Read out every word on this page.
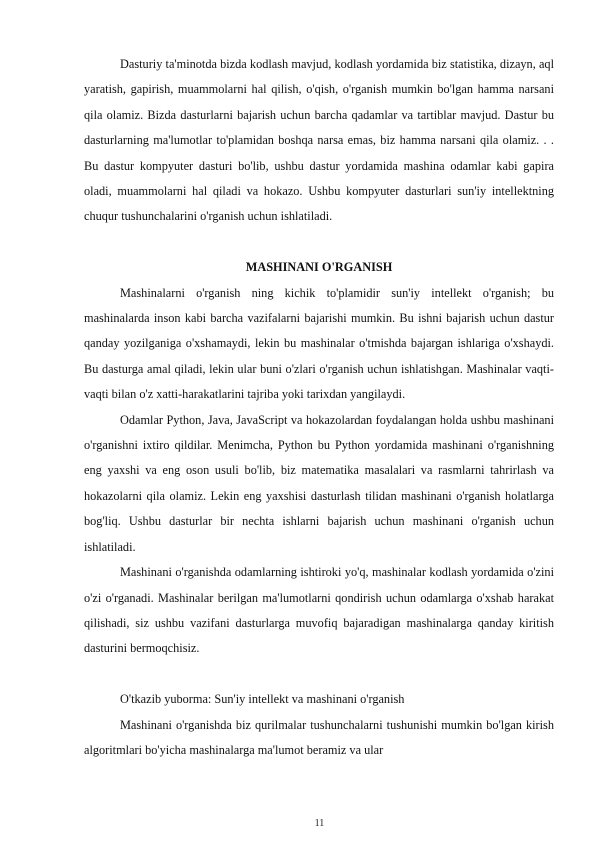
Dasturiy ta'minotda bizda kodlash mavjud, kodlash yordamida biz statistika, dizayn, aql yaratish, gapirish, muammolarni hal qilish, o'qish, o'rganish mumkin bo'lgan hamma narsani qila olamiz. Bizda dasturlarni bajarish uchun barcha qadamlar va tartiblar mavjud. Dastur bu dasturlarning ma'lumotlar to'plamidan boshqa narsa emas, biz hamma narsani qila olamiz. . . Bu dastur kompyuter dasturi bo'lib, ushbu dastur yordamida mashina odamlar kabi gapira oladi, muammolarni hal qiladi va hokazo. Ushbu kompyuter dasturlari sun'iy intellektning chuqur tushunchalarini o'rganish uchun ishlatiladi.

MASHINANI O'RGANISH

Mashinalarni o'rganish ning kichik to'plamidir sun'iy intellekt o'rganish; bu mashinalarda inson kabi barcha vazifalarni bajarishi mumkin. Bu ishni bajarish uchun dastur qanday yozilganiga o'xshamaydi, lekin bu mashinalar o'tmishda bajargan ishlariga o'xshaydi. Bu dasturga amal qiladi, lekin ular buni o'zlari o'rganish uchun ishlatishgan. Mashinalar vaqti-vaqti bilan o'z xatti-harakatlarini tajriba yoki tarixdan yangilaydi.

Odamlar Python, Java, JavaScript va hokazolardan foydalangan holda ushbu mashinani o'rganishni ixtiro qildilar. Menimcha, Python bu Python yordamida mashinani o'rganishning eng yaxshi va eng oson usuli bo'lib, biz matematika masalalari va rasmlarni tahrirlash va hokazolarni qila olamiz. Lekin eng yaxshisi dasturlash tilidan mashinani o'rganish holatlarga bog'liq. Ushbu dasturlar bir nechta ishlarni bajarish uchun mashinani o'rganish uchun ishlatiladi.

Mashinani o'rganishda odamlarning ishtiroki yo'q, mashinalar kodlash yordamida o'zini o'zi o'rganadi. Mashinalar berilgan ma'lumotlarni qondirish uchun odamlarga o'xshab harakat qilishadi, siz ushbu vazifani dasturlarga muvofiq bajaradigan mashinalarga qanday kiritish dasturini bermoqchisiz.

O'tkazib yuborma: Sun'iy intellekt va mashinani o'rganish

Mashinani o'rganishda biz qurilmalar tushunchalarni tushunishi mumkin bo'lgan kirish algoritmlari bo'yicha mashinalarga ma'lumot beramiz va ular

11
